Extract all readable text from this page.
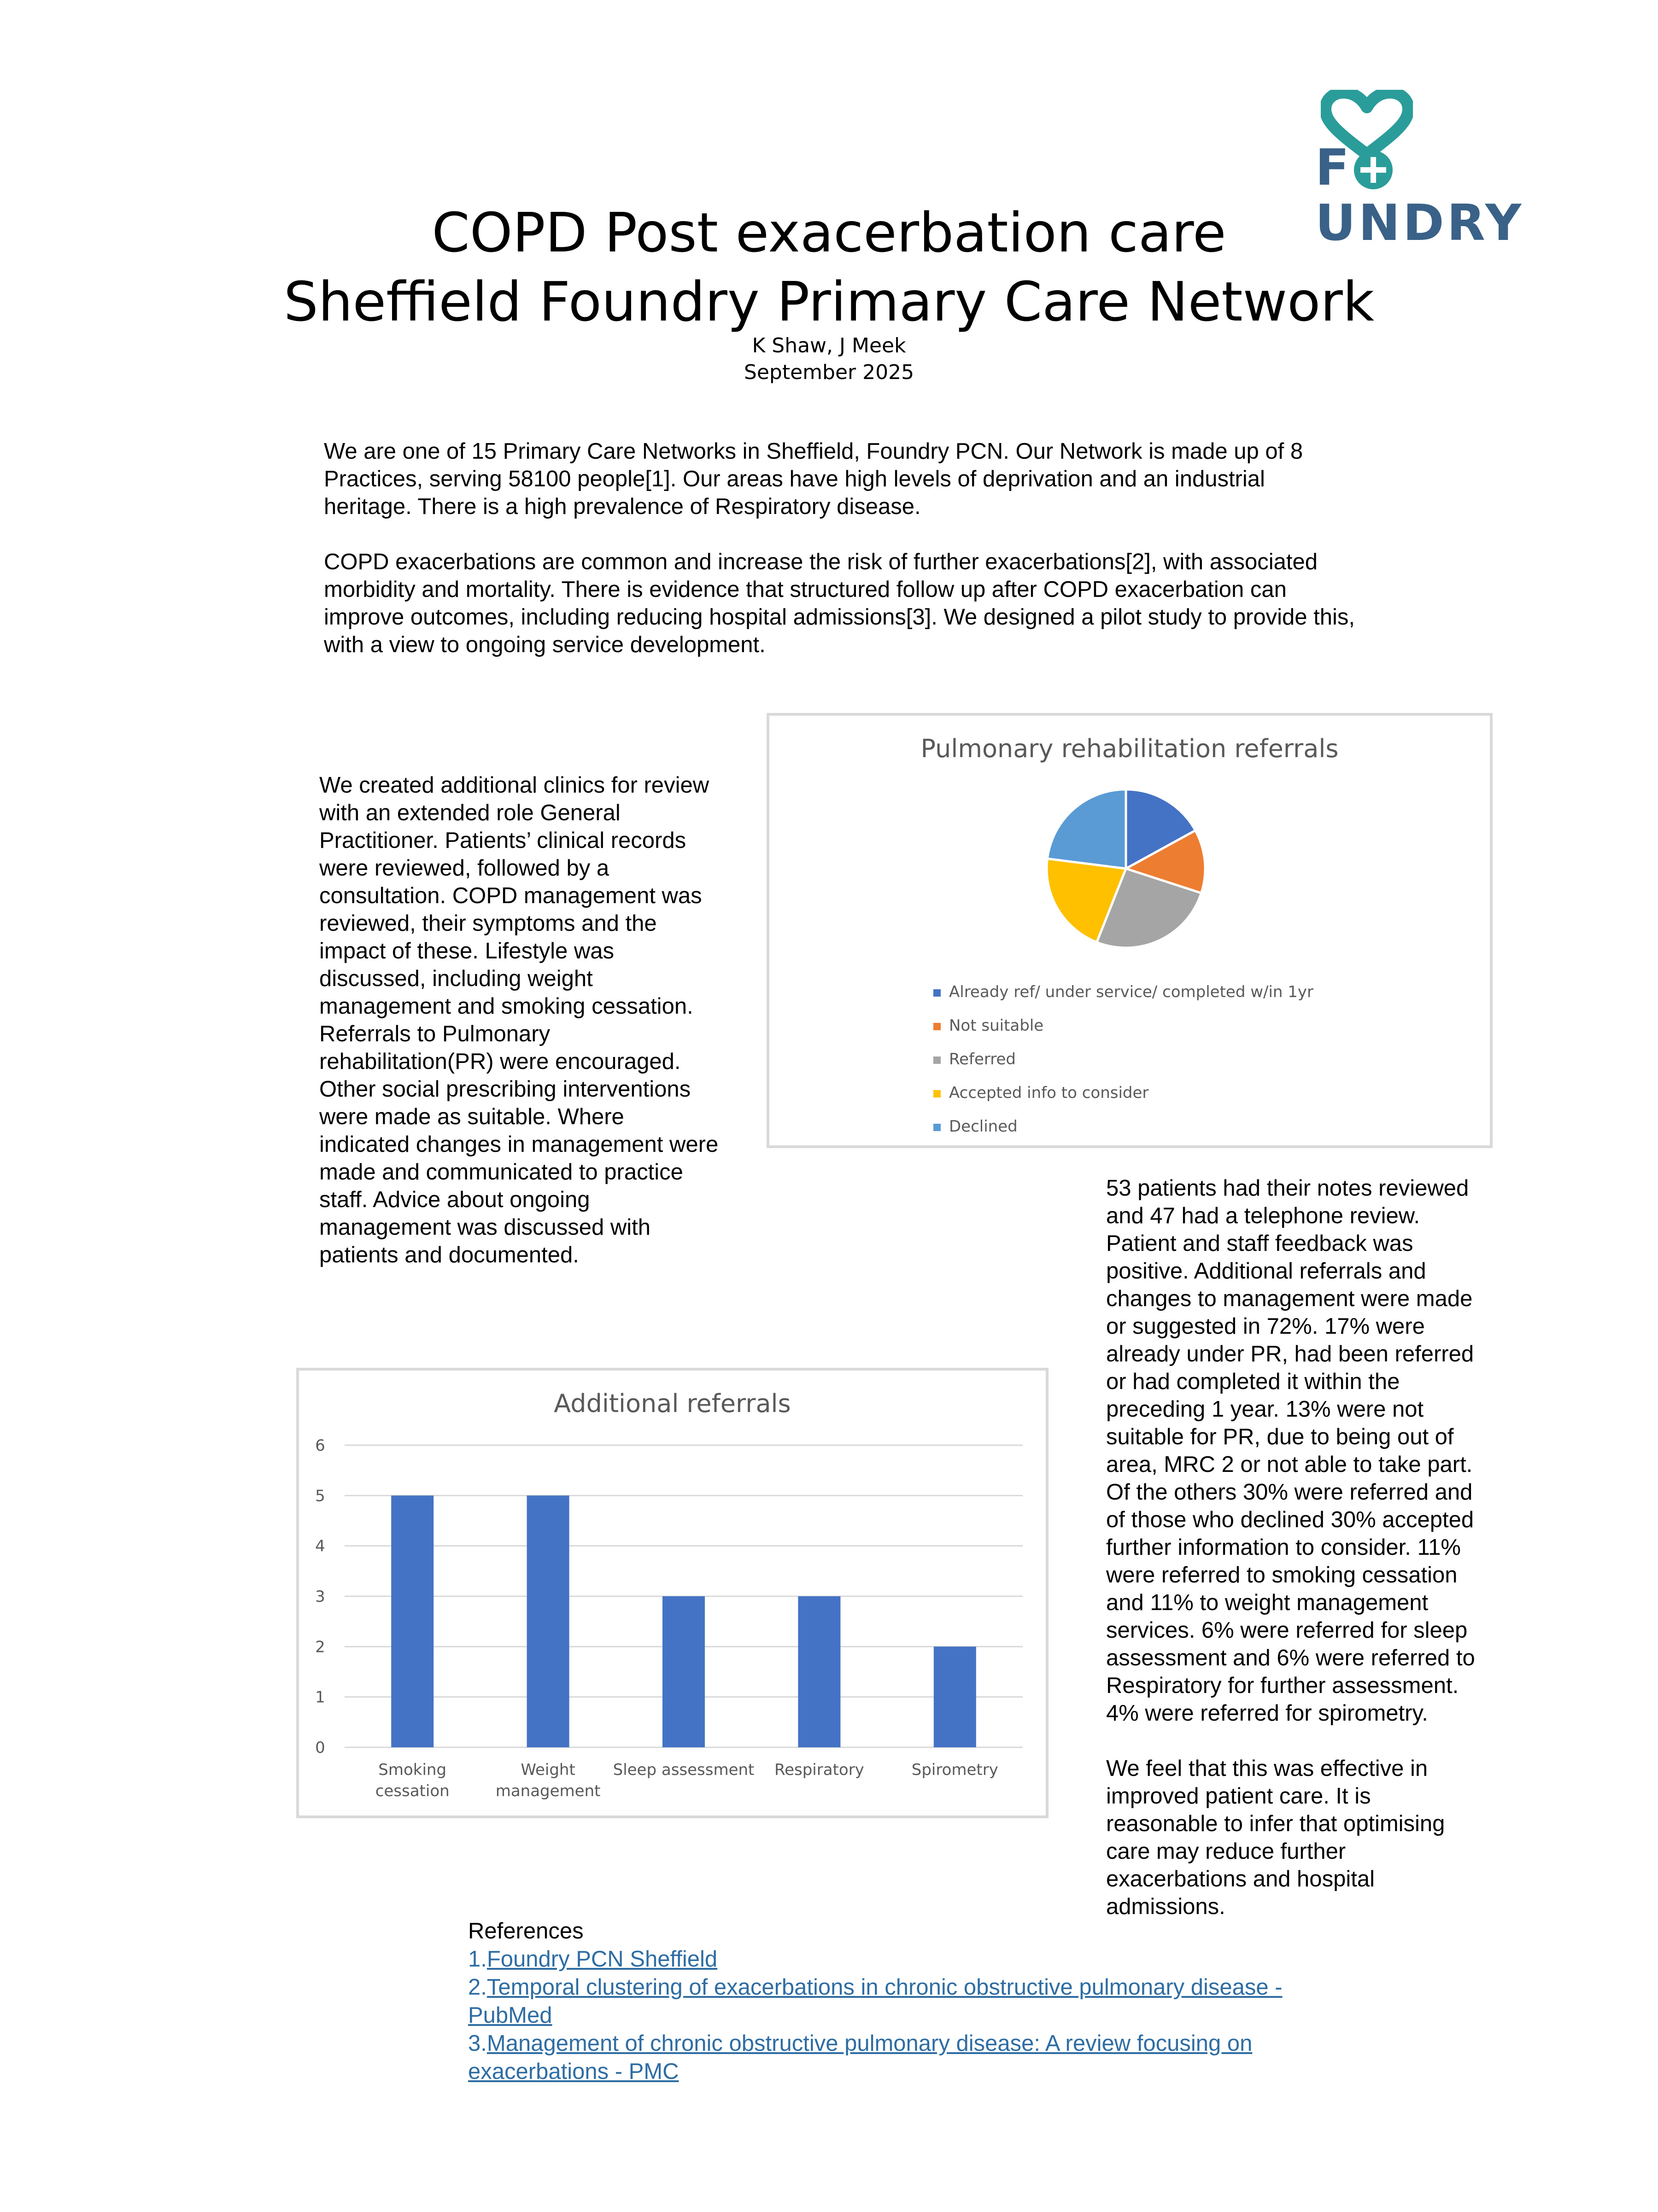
F
UNDRY
COPD Post exacerbation care
Sheffield Foundry Primary Care Network
K Shaw, J Meek
September 2025

We are one of 15 Primary Care Networks in Sheffield, Foundry PCN. Our Network is made up of 8 Practices, serving 58100 people[1]. Our areas have high levels of deprivation and an industrial heritage. There is a high prevalence of Respiratory disease.

COPD exacerbations are common and increase the risk of further exacerbations[2], with associated morbidity and mortality. There is evidence that structured follow up after COPD exacerbation can improve outcomes, including reducing hospital admissions[3]. We designed a pilot study to provide this, with a view to ongoing service development.

We created additional clinics for review with an extended role General Practitioner. Patients’ clinical records were reviewed, followed by a consultation. COPD management was reviewed, their symptoms and the impact of these. Lifestyle was discussed, including weight management and smoking cessation. Referrals to Pulmonary rehabilitation(PR) were encouraged. Other social prescribing interventions were made as suitable. Where indicated changes in management were made and communicated to practice staff. Advice about ongoing management was discussed with patients and documented.
Pulmonary rehabilitation referrals
Already ref/ under service/ completed w/in 1yr
Not suitable
Referred
Accepted info to consider
Declined
Additional referrals
0
1
2
3
4
5
6
Smoking cessation
Weight management
Sleep assessment Respiratory	Spirometry

53 patients had their notes reviewed and 47 had a telephone review. Patient and staff feedback was positive. Additional referrals and changes to management were made or suggested in 72%. 17% were already under PR, had been referred or had completed it within the preceding 1 year. 13% were not suitable for PR, due to being out of area, MRC 2 or not able to take part. Of the others 30% were referred and of those who declined 30% accepted further information to consider. 11% were referred to smoking cessation and 11% to weight management services. 6% were referred for sleep assessment and 6% were referred to Respiratory for further assessment. 4% were referred for spirometry.

We feel that this was effective in improved patient care. It is reasonable to infer that optimising care may reduce further exacerbations and hospital admissions.

References
1.Foundry PCN Sheffield
2.Temporal clustering of exacerbations in chronic obstructive pulmonary disease - PubMed
3.Management of chronic obstructive pulmonary disease: A review focusing on exacerbations - PMC
